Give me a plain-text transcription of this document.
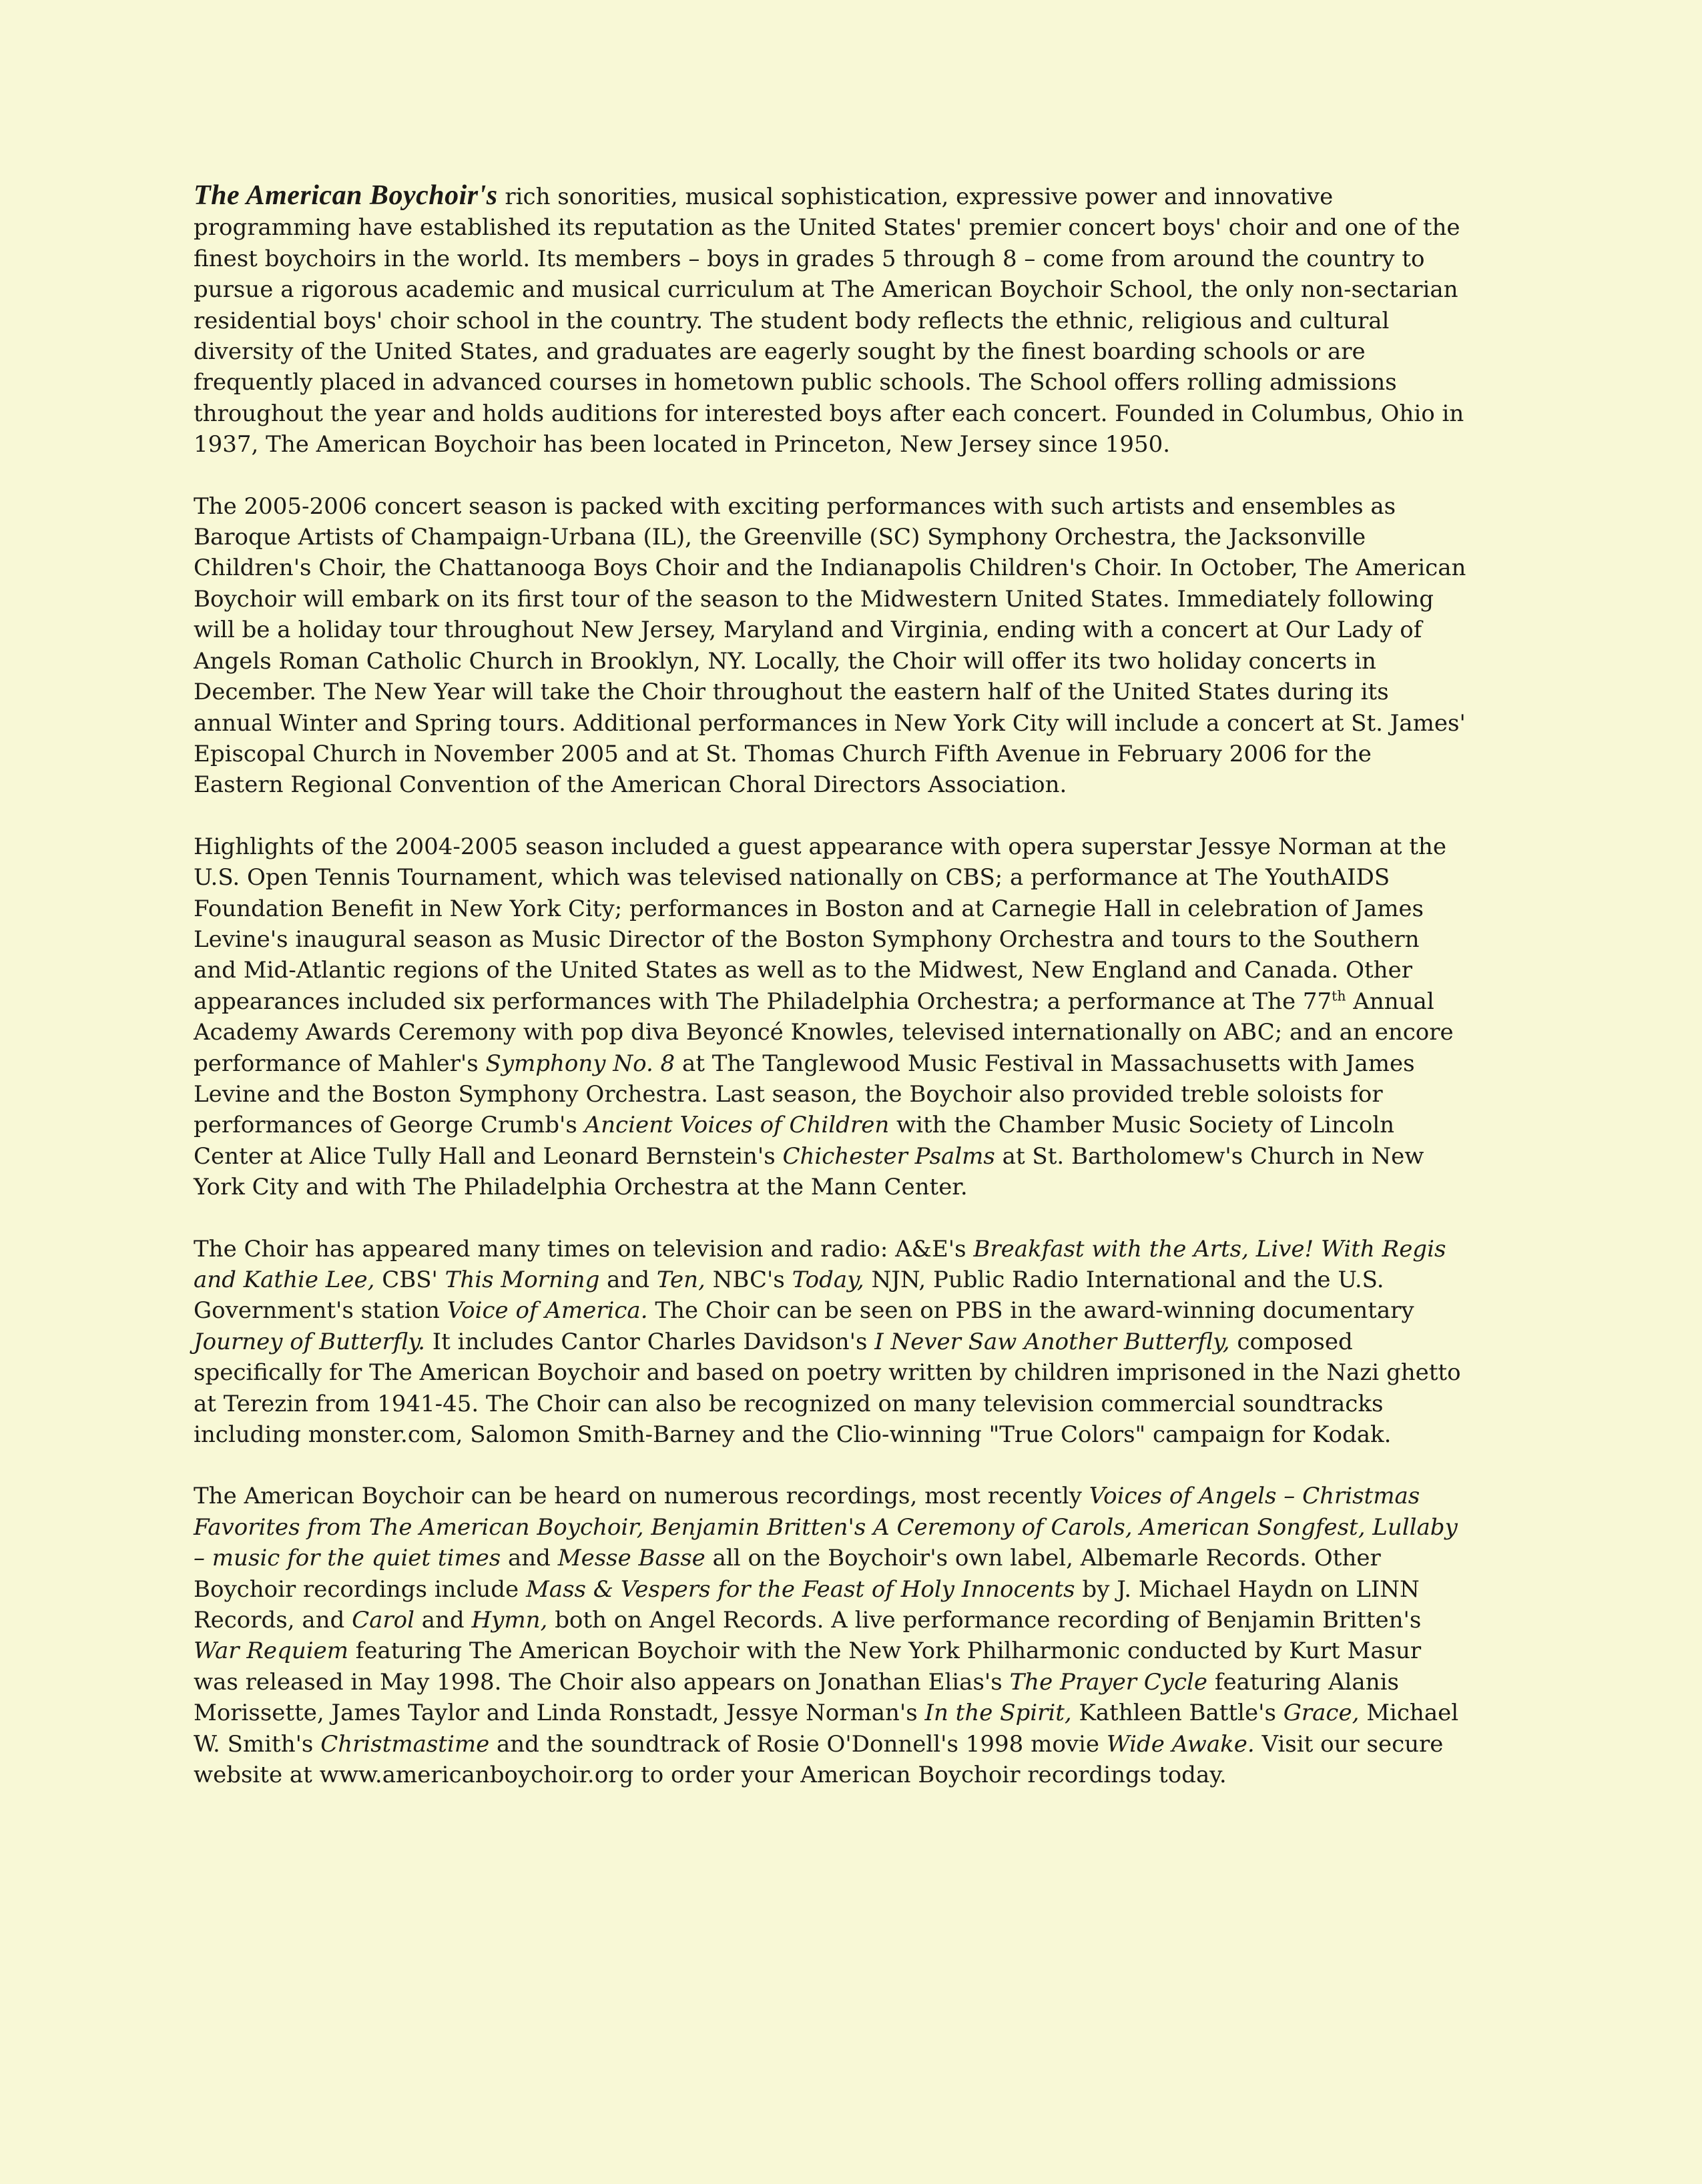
The American Boychoir's rich sonorities, musical sophistication, expressive power and innovative programming have established its reputation as the United States' premier concert boys' choir and one of the finest boychoirs in the world. Its members – boys in grades 5 through 8 – come from around the country to pursue a rigorous academic and musical curriculum at The American Boychoir School, the only non-sectarian residential boys' choir school in the country. The student body reflects the ethnic, religious and cultural diversity of the United States, and graduates are eagerly sought by the finest boarding schools or are frequently placed in advanced courses in hometown public schools. The School offers rolling admissions throughout the year and holds auditions for interested boys after each concert. Founded in Columbus, Ohio in 1937, The American Boychoir has been located in Princeton, New Jersey since 1950.

The 2005-2006 concert season is packed with exciting performances with such artists and ensembles as Baroque Artists of Champaign-Urbana (IL), the Greenville (SC) Symphony Orchestra, the Jacksonville Children's Choir, the Chattanooga Boys Choir and the Indianapolis Children's Choir. In October, The American Boychoir will embark on its first tour of the season to the Midwestern United States. Immediately following will be a holiday tour throughout New Jersey, Maryland and Virginia, ending with a concert at Our Lady of Angels Roman Catholic Church in Brooklyn, NY. Locally, the Choir will offer its two holiday concerts in December. The New Year will take the Choir throughout the eastern half of the United States during its annual Winter and Spring tours. Additional performances in New York City will include a concert at St. James' Episcopal Church in November 2005 and at St. Thomas Church Fifth Avenue in February 2006 for the Eastern Regional Convention of the American Choral Directors Association.

Highlights of the 2004-2005 season included a guest appearance with opera superstar Jessye Norman at the U.S. Open Tennis Tournament, which was televised nationally on CBS; a performance at The YouthAIDS Foundation Benefit in New York City; performances in Boston and at Carnegie Hall in celebration of James Levine's inaugural season as Music Director of the Boston Symphony Orchestra and tours to the Southern and Mid-Atlantic regions of the United States as well as to the Midwest, New England and Canada. Other appearances included six performances with The Philadelphia Orchestra; a performance at The 77th Annual Academy Awards Ceremony with pop diva Beyoncé Knowles, televised internationally on ABC; and an encore performance of Mahler's Symphony No. 8 at The Tanglewood Music Festival in Massachusetts with James Levine and the Boston Symphony Orchestra. Last season, the Boychoir also provided treble soloists for performances of George Crumb's Ancient Voices of Children with the Chamber Music Society of Lincoln Center at Alice Tully Hall and Leonard Bernstein's Chichester Psalms at St. Bartholomew's Church in New York City and with The Philadelphia Orchestra at the Mann Center.

The Choir has appeared many times on television and radio: A&E's Breakfast with the Arts, Live! With Regis and Kathie Lee, CBS' This Morning and Ten, NBC's Today, NJN, Public Radio International and the U.S. Government's station Voice of America. The Choir can be seen on PBS in the award-winning documentary Journey of Butterfly. It includes Cantor Charles Davidson's I Never Saw Another Butterfly, composed specifically for The American Boychoir and based on poetry written by children imprisoned in the Nazi ghetto at Terezin from 1941-45. The Choir can also be recognized on many television commercial soundtracks including monster.com, Salomon Smith-Barney and the Clio-winning "True Colors" campaign for Kodak.

The American Boychoir can be heard on numerous recordings, most recently Voices of Angels – Christmas Favorites from The American Boychoir, Benjamin Britten's A Ceremony of Carols, American Songfest, Lullaby – music for the quiet times and Messe Basse all on the Boychoir's own label, Albemarle Records. Other Boychoir recordings include Mass & Vespers for the Feast of Holy Innocents by J. Michael Haydn on LINN Records, and Carol and Hymn, both on Angel Records. A live performance recording of Benjamin Britten's War Requiem featuring The American Boychoir with the New York Philharmonic conducted by Kurt Masur was released in May 1998. The Choir also appears on Jonathan Elias's The Prayer Cycle featuring Alanis Morissette, James Taylor and Linda Ronstadt, Jessye Norman's In the Spirit, Kathleen Battle's Grace, Michael W. Smith's Christmastime and the soundtrack of Rosie O'Donnell's 1998 movie Wide Awake. Visit our secure website at www.americanboychoir.org to order your American Boychoir recordings today.
